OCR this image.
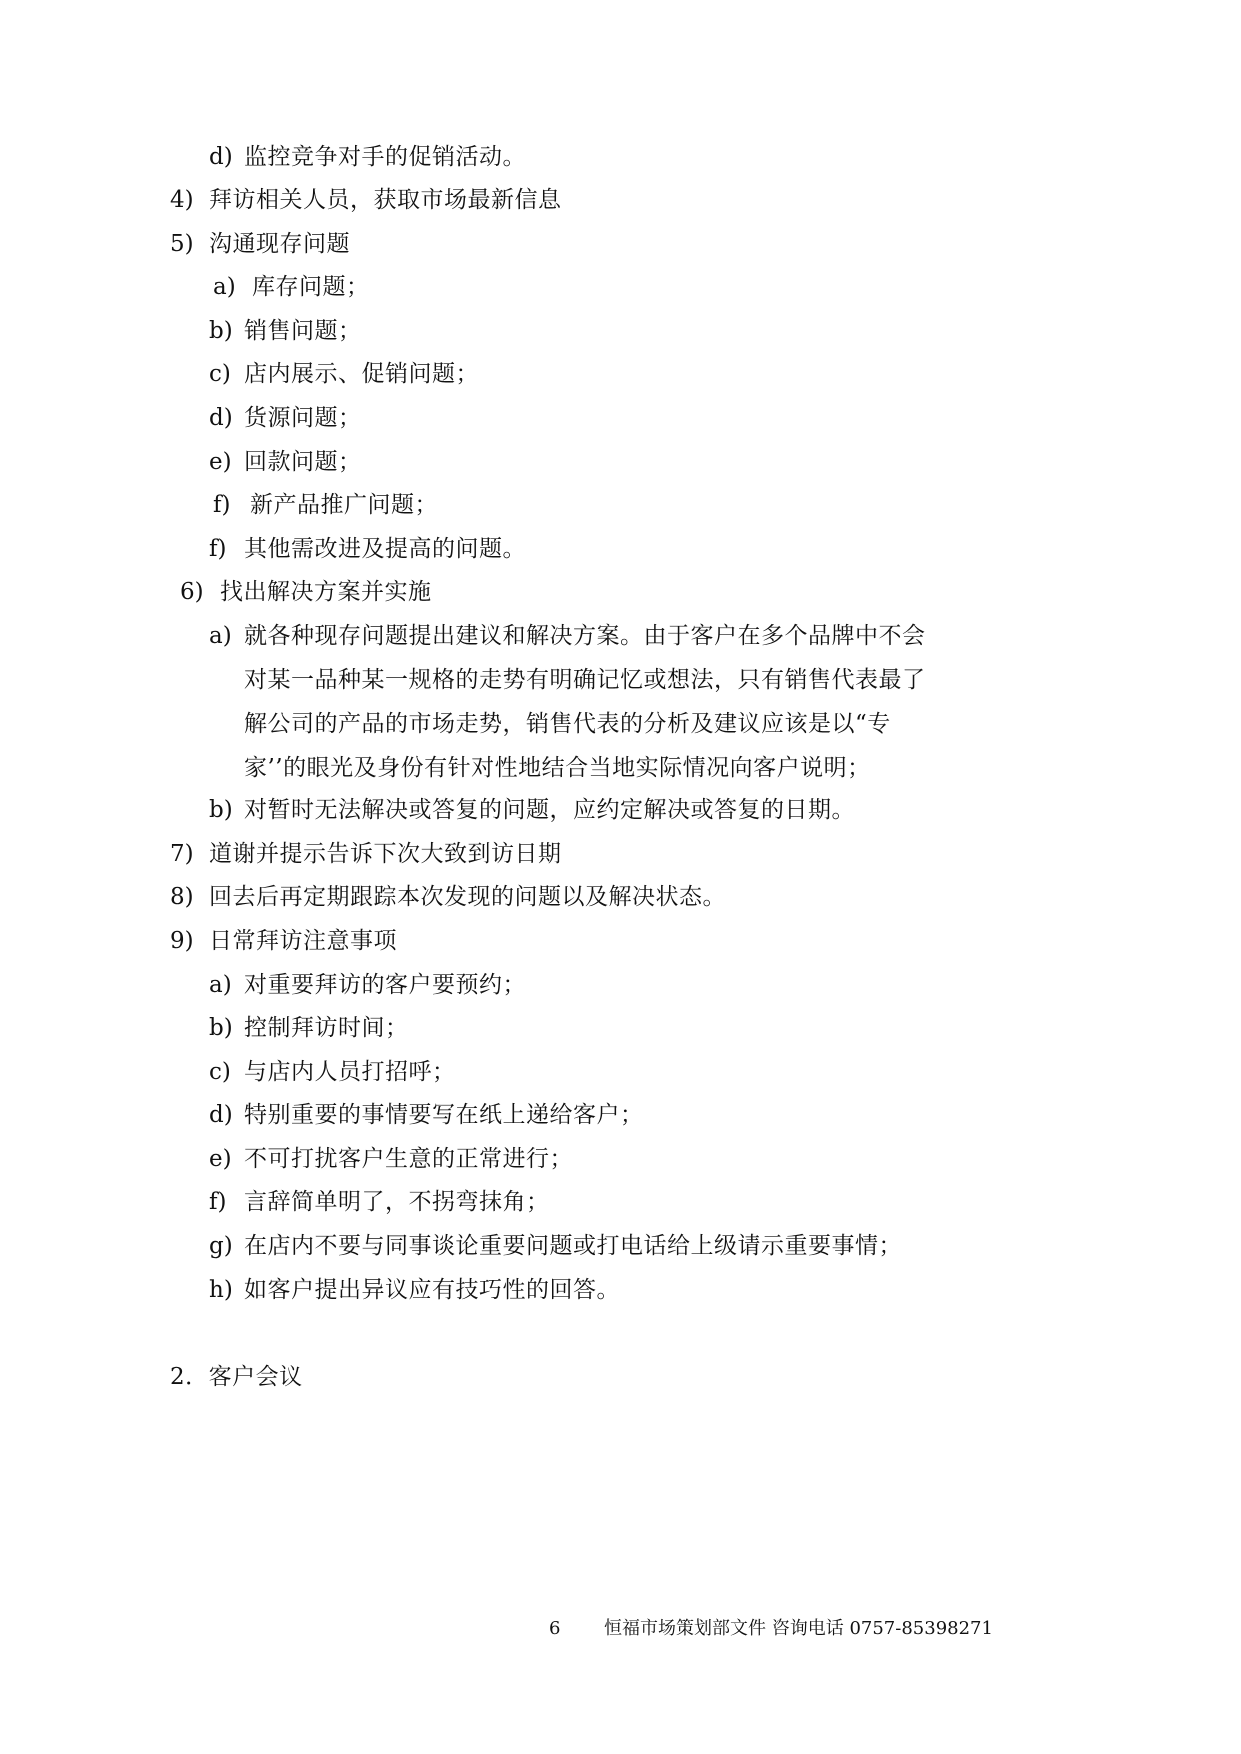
d) 监控竞争对手的促销活动。
4) 拜访相关人员，获取市场最新信息
5) 沟通现存问题
a) 库存问题；
b) 销售问题；
c) 店内展示、促销问题；
d) 货源问题；
e) 回款问题；
f) 新产品推广问题；
f) 其他需改进及提高的问题。
6) 找出解决方案并实施
a) 就各种现存问题提出建议和解决方案。由于客户在多个品牌中不会对某一品种某一规格的走势有明确记忆或想法，只有销售代表最了解公司的产品的市场走势，销售代表的分析及建议应该是以“专家’’的眼光及身份有针对性地结合当地实际情况向客户说明；
b) 对暂时无法解决或答复的问题，应约定解决或答复的日期。
7) 道谢并提示告诉下次大致到访日期
8) 回去后再定期跟踪本次发现的问题以及解决状态。
9) 日常拜访注意事项
a) 对重要拜访的客户要预约；
b) 控制拜访时间；
c) 与店内人员打招呼；
d) 特别重要的事情要写在纸上递给客户；
e) 不可打扰客户生意的正常进行；
f) 言辞简单明了，不拐弯抹角；
g) 在店内不要与同事谈论重要问题或打电话给上级请示重要事情；
h) 如客户提出异议应有技巧性的回答。
2．客户会议
6 恒福市场策划部文件 咨询电话 0757-85398271
